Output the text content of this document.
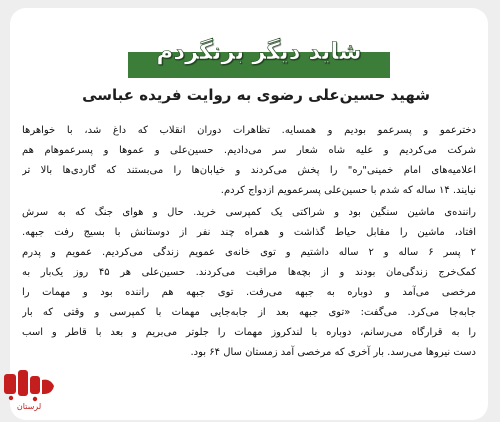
شاید دیگر برنگردم
شهید حسین‌علی رضوی به روایت فریده عباسی

دخترعمو و پسرعمو بودیم و همسایه. تظاهرات دوران انقلاب که داغ شد، با خواهرها

شرکت می‌کردیم و علیه شاه شعار سر می‌دادیم. حسین‌علی و عموها و پسرعموهام هم

اعلامیه‌های امام خمینی"ره" را پخش می‌کردند و خیابان‌ها را می‌بستند که گاردی‌ها بالا تر

نیایند. ۱۴ ساله که شدم با حسین‌علی پسرعمویم ازدواج کردم.

راننده‌ی ماشین سنگین بود و شراکتی یک کمپرسی خرید. حال و هوای جنگ که به سرش

افتاد، ماشین را مقابل حیاط گذاشت و همراه چند نفر از دوستانش با بسیج رفت جبهه.

۲ پسر ۶ ساله و ۲ ساله داشتیم و توی خانه‌ی عمویم زندگی می‌کردیم. عمویم و پدرم

کمک‌خرج زندگی‌مان بودند و از بچه‌ها مراقبت می‌کردند. حسین‌علی هر ۴۵ روز یک‌بار به

مرخصی می‌آمد و دوباره به جبهه می‌رفت. توی جبهه هم راننده بود و مهمات را

جابه‌جا می‌کرد. می‌گفت: «توی جبهه بعد از جابه‌جایی مهمات با کمپرسی و وقتی که بار

را به قرارگاه می‌رسانم، دوباره با لندکروز مهمات را جلوتر می‌بریم و بعد با قاطر و اسب

دست نیروها می‌رسد. بار آخری که مرخصی آمد زمستان سال ۶۴ بود.

لرستان
